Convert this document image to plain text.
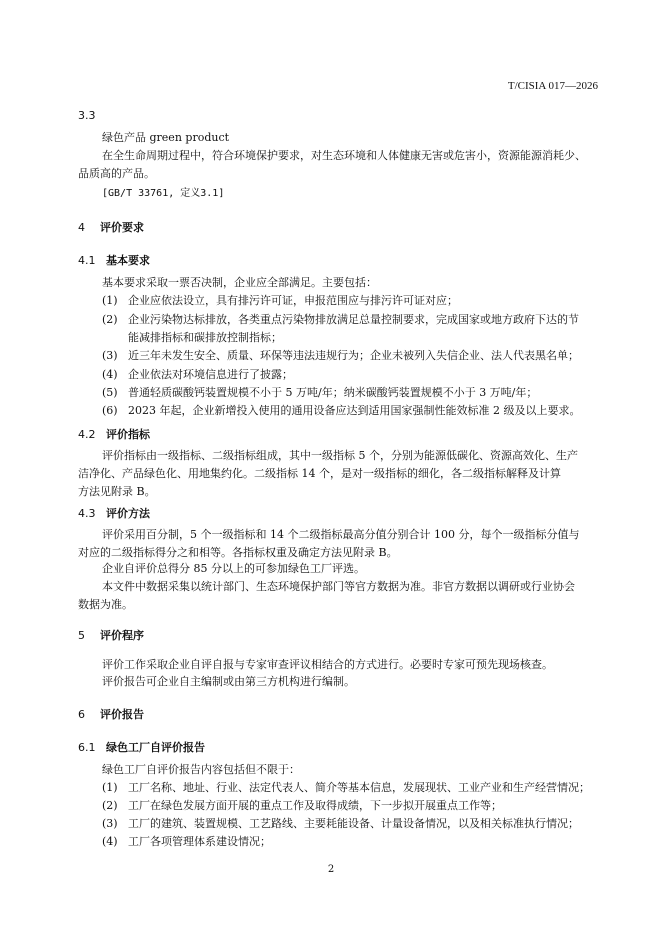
T/CISIA 017—2026
3.3
绿色产品 green product
在全生命周期过程中，符合环境保护要求，对生态环境和人体健康无害或危害小，资源能源消耗少、
品质高的产品。
[GB/T 33761, 定义3.1]
4 评价要求
4.1 基本要求
基本要求采取一票否决制，企业应全部满足。主要包括：
(1) 企业应依法设立，具有排污许可证，申报范围应与排污许可证对应；
(2) 企业污染物达标排放，各类重点污染物排放满足总量控制要求，完成国家或地方政府下达的节
能减排指标和碳排放控制指标；
(3) 近三年未发生安全、质量、环保等违法违规行为；企业未被列入失信企业、法人代表黑名单；
(4) 企业依法对环境信息进行了披露；
(5) 普通轻质碳酸钙装置规模不小于 5 万吨/年；纳米碳酸钙装置规模不小于 3 万吨/年；
(6) 2023 年起，企业新增投入使用的通用设备应达到适用国家强制性能效标准 2 级及以上要求。
4.2 评价指标
评价指标由一级指标、二级指标组成，其中一级指标 5 个，分别为能源低碳化、资源高效化、生产
洁净化、产品绿色化、用地集约化。二级指标 14 个，是对一级指标的细化，各二级指标解释及计算
方法见附录 B。
4.3 评价方法
评价采用百分制，5 个一级指标和 14 个二级指标最高分值分别合计 100 分，每个一级指标分值与
对应的二级指标得分之和相等。各指标权重及确定方法见附录 B。
企业自评价总得分 85 分以上的可参加绿色工厂评选。
本文件中数据采集以统计部门、生态环境保护部门等官方数据为准。非官方数据以调研或行业协会
数据为准。
5 评价程序
评价工作采取企业自评自报与专家审查评议相结合的方式进行。必要时专家可预先现场核查。
评价报告可企业自主编制或由第三方机构进行编制。
6 评价报告
6.1 绿色工厂自评价报告
绿色工厂自评价报告内容包括但不限于：
(1) 工厂名称、地址、行业、法定代表人、简介等基本信息，发展现状、工业产业和生产经营情况；
(2) 工厂在绿色发展方面开展的重点工作及取得成绩，下一步拟开展重点工作等；
(3) 工厂的建筑、装置规模、工艺路线、主要耗能设备、计量设备情况，以及相关标准执行情况；
(4) 工厂各项管理体系建设情况；
2
